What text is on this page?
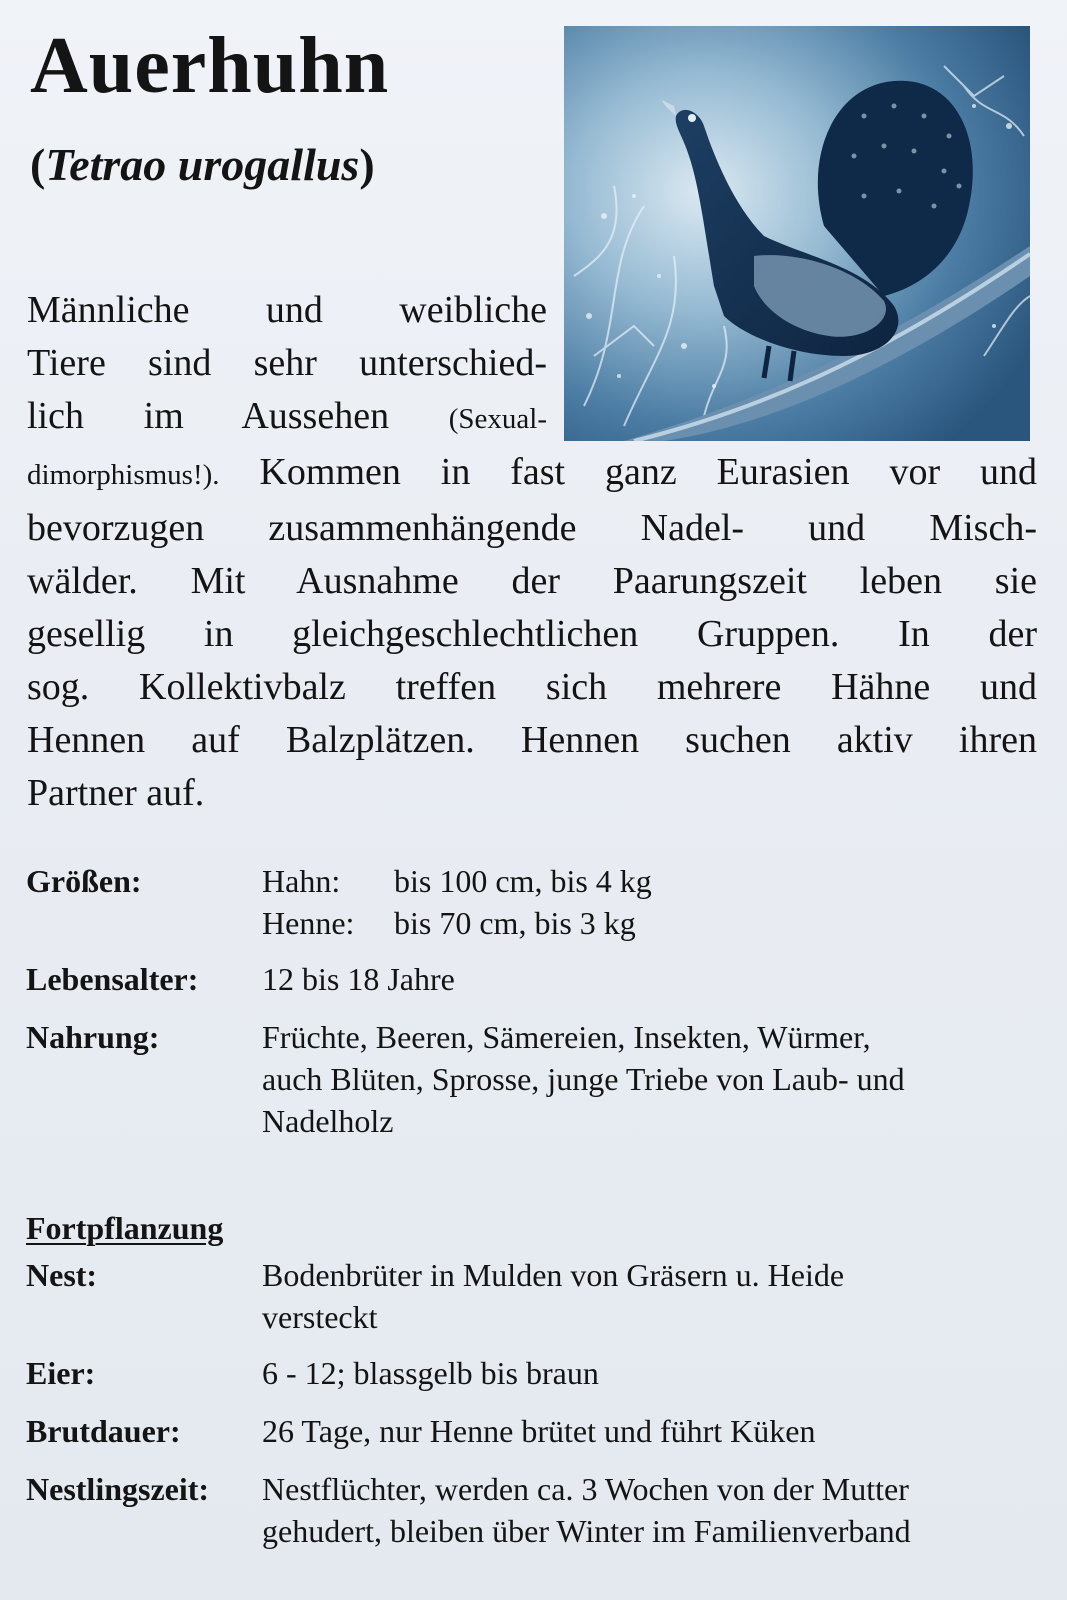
Auerhuhn
(Tetrao urogallus)
Männliche und weibliche
Tiere sind sehr unterschied-
lich im Aussehen (Sexual-
dimorphismus!). Kommen in fast ganz Eurasien vor und
bevorzugen zusammenhängende Nadel- und Misch-
wälder. Mit Ausnahme der Paarungszeit leben sie
gesellig in gleichgeschlechtlichen Gruppen. In der
sog. Kollektivbalz treffen sich mehrere Hähne und
Hennen auf Balzplätzen. Hennen suchen aktiv ihren
Partner auf.
Größen:	Hahn: bis 100 cm, bis 4 kg
Henne: bis 70 cm, bis 3 kg
Lebensalter: 12 bis 18 Jahre
Nahrung:	Früchte, Beeren, Sämereien, Insekten, Würmer,
auch Blüten, Sprosse, junge Triebe von Laub- und
Nadelholz
Fortpflanzung
Nest:	Bodenbrüter in Mulden von Gräsern u. Heide
versteckt
Eier:	6 - 12; blassgelb bis braun
Brutdauer:	26 Tage, nur Henne brütet und führt Küken
Nestlingszeit: Nestflüchter, werden ca. 3 Wochen von der Mutter
gehudert, bleiben über Winter im Familienverband
